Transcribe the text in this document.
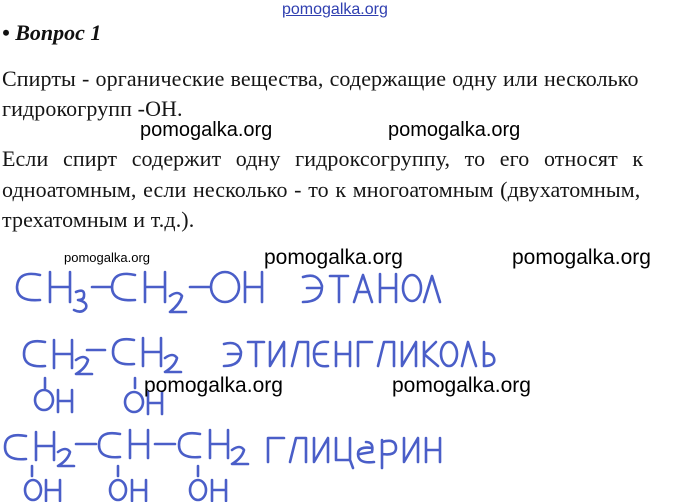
pomogalka.org
• Вопрос 1
Спирты - органические вещества, содержащие одну или несколько
гидрокогрупп -ОН.
Если спирт содержит одну гидроксогруппу, то его относят к
одноатомным, если несколько - то к многоатомным (двухатомным,
трехатомным и т.д.).
pomogalka.org	pomogalka.org
pomogalka.org	pomogalka.org	pomogalka.org
pomogalka.org	pomogalka.org
